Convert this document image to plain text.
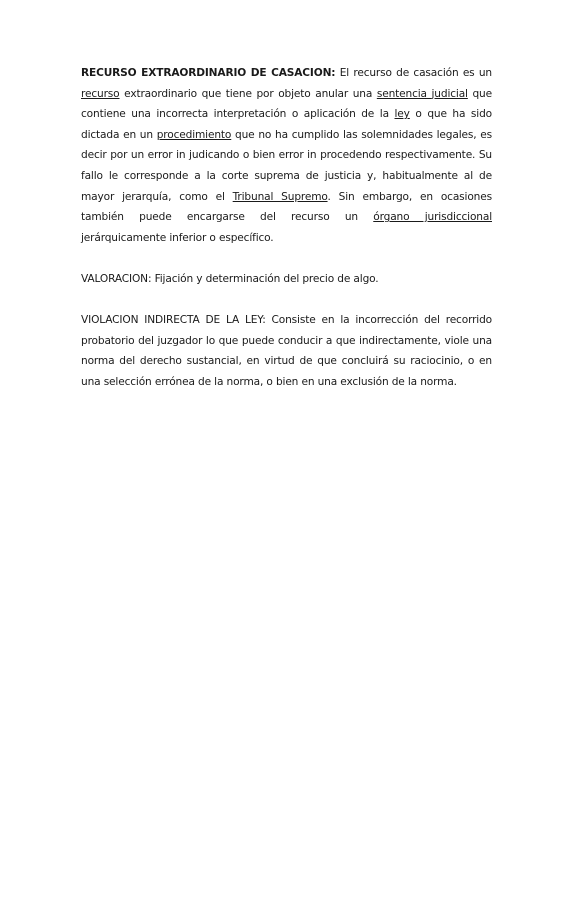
RECURSO EXTRAORDINARIO DE CASACION: El recurso de casación es un recurso extraordinario que tiene por objeto anular una sentencia judicial que contiene una incorrecta interpretación o aplicación de la ley o que ha sido dictada en un procedimiento que no ha cumplido las solemnidades legales, es decir por un error in judicando o bien error in procedendo respectivamente. Su fallo le corresponde a la corte suprema de justicia y, habitualmente al de mayor jerarquía, como el Tribunal Supremo. Sin embargo, en ocasiones también puede encargarse del recurso un órgano jurisdiccional jerárquicamente inferior o específico.

VALORACION: Fijación y determinación del precio de algo.

VIOLACION INDIRECTA DE LA LEY: Consiste en la incorrección del recorrido probatorio del juzgador lo que puede conducir a que indirectamente, viole una norma del derecho sustancial, en virtud de que concluirá su raciocinio, o en una selección errónea de la norma, o bien en una exclusión de la norma.
